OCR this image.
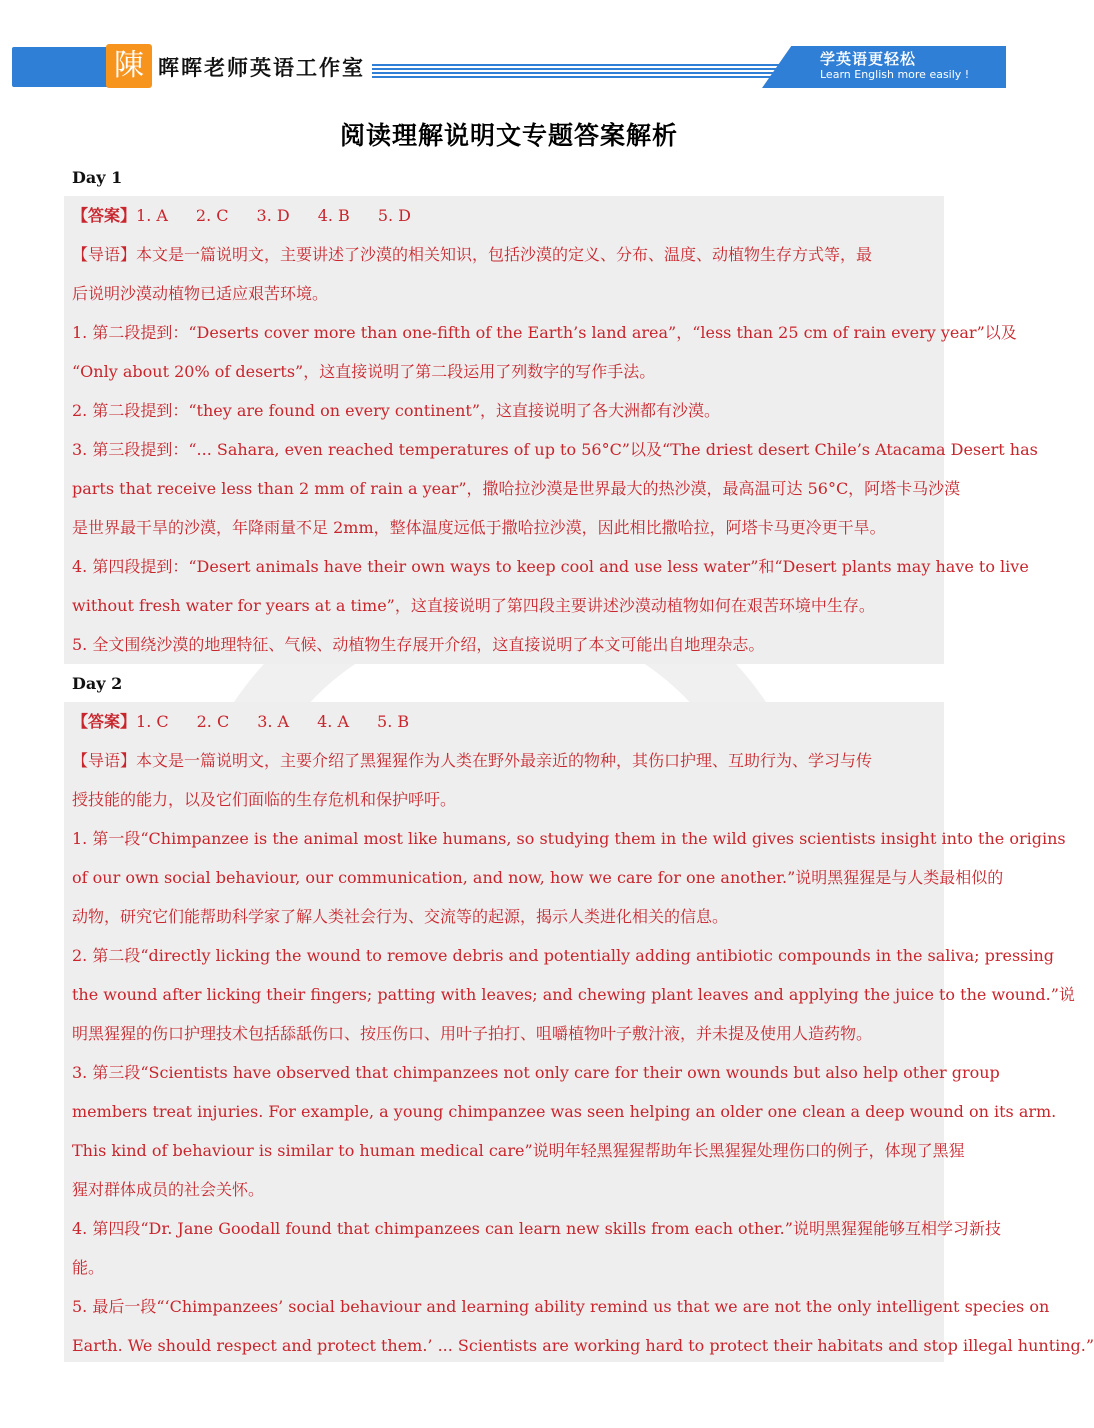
陳 晖晖老师英语工作室	学英语更轻松
Learn English more easily !
阅读理解说明文专题答案解析
Day 1
【答案】1. A 2. C 3. D 4. B 5. D
【导语】本文是一篇说明文，主要讲述了沙漠的相关知识，包括沙漠的定义、分布、温度、动植物生存方式等，最
后说明沙漠动植物已适应艰苦环境。
1. 第二段提到：“Deserts cover more than one-fifth of the Earth’s land area”，“less than 25 cm of rain every year”以及
“Only about 20% of deserts”，这直接说明了第二段运用了列数字的写作手法。
2. 第二段提到：“they are found on every continent”，这直接说明了各大洲都有沙漠。
3. 第三段提到：“... Sahara, even reached temperatures of up to 56°C”以及“The driest desert Chile’s Atacama Desert has
parts that receive less than 2 mm of rain a year”，撒哈拉沙漠是世界最大的热沙漠，最高温可达 56°C，阿塔卡马沙漠
是世界最干旱的沙漠，年降雨量不足 2mm，整体温度远低于撒哈拉沙漠，因此相比撒哈拉，阿塔卡马更冷更干旱。
4. 第四段提到：“Desert animals have their own ways to keep cool and use less water”和“Desert plants may have to live
without fresh water for years at a time”，这直接说明了第四段主要讲述沙漠动植物如何在艰苦环境中生存。
5. 全文围绕沙漠的地理特征、气候、动植物生存展开介绍，这直接说明了本文可能出自地理杂志。
Day 2
【答案】1. C 2. C 3. A 4. A 5. B
【导语】本文是一篇说明文，主要介绍了黑猩猩作为人类在野外最亲近的物种，其伤口护理、互助行为、学习与传
授技能的能力，以及它们面临的生存危机和保护呼吁。
1. 第一段“Chimpanzee is the animal most like humans, so studying them in the wild gives scientists insight into the origins
of our own social behaviour, our communication, and now, how we care for one another.”说明黑猩猩是与人类最相似的
动物，研究它们能帮助科学家了解人类社会行为、交流等的起源，揭示人类进化相关的信息。
2. 第二段“directly licking the wound to remove debris and potentially adding antibiotic compounds in the saliva; pressing
the wound after licking their fingers; patting with leaves; and chewing plant leaves and applying the juice to the wound.”说
明黑猩猩的伤口护理技术包括舔舐伤口、按压伤口、用叶子拍打、咀嚼植物叶子敷汁液，并未提及使用人造药物。
3. 第三段“Scientists have observed that chimpanzees not only care for their own wounds but also help other group
members treat injuries. For example, a young chimpanzee was seen helping an older one clean a deep wound on its arm.
This kind of behaviour is similar to human medical care”说明年轻黑猩猩帮助年长黑猩猩处理伤口的例子，体现了黑猩
猩对群体成员的社会关怀。
4. 第四段“Dr. Jane Goodall found that chimpanzees can learn new skills from each other.”说明黑猩猩能够互相学习新技
能。
5. 最后一段“‘Chimpanzees’ social behaviour and learning ability remind us that we are not the only intelligent species on
Earth. We should respect and protect them.’ ... Scientists are working hard to protect their habitats and stop illegal hunting.”
